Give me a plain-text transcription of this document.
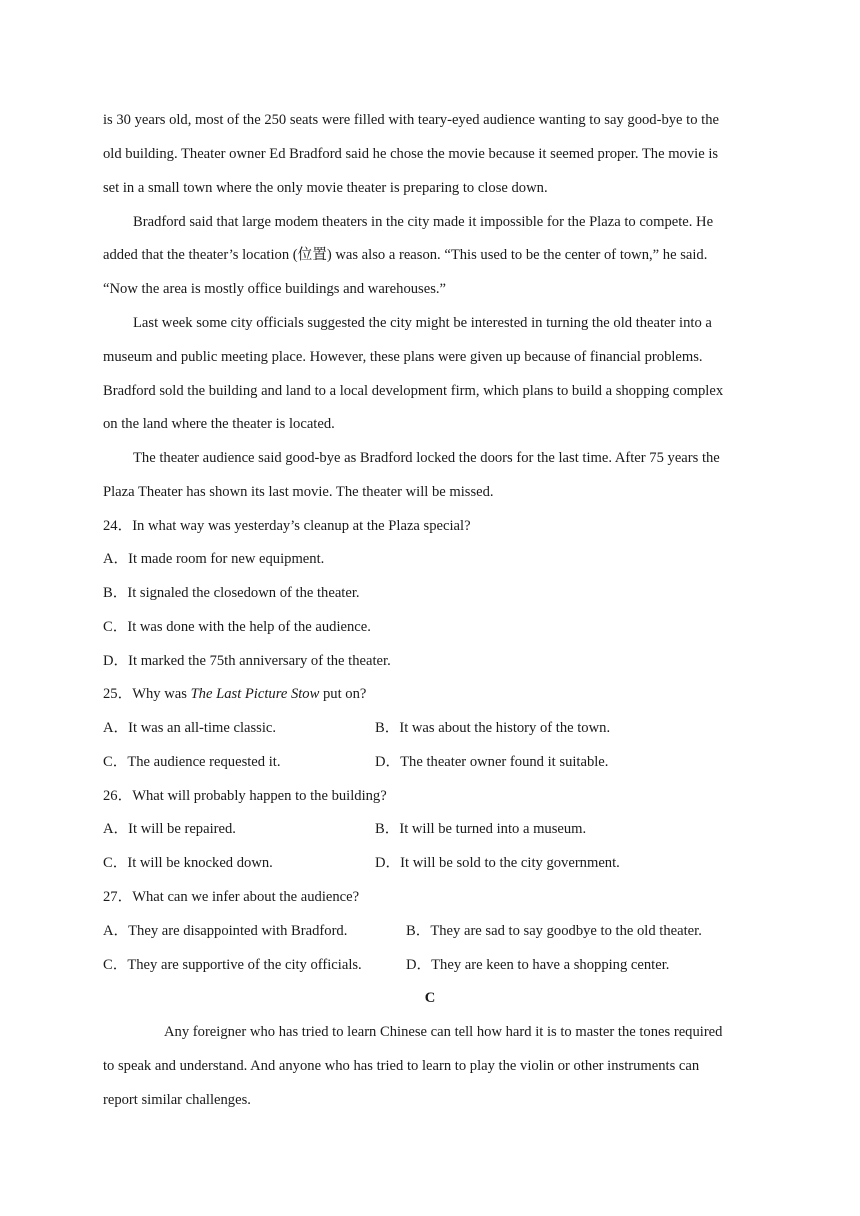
is 30 years old, most of the 250 seats were filled with teary-eyed audience wanting to say good-bye to the
old building. Theater owner Ed Bradford said he chose the movie because it seemed proper. The movie is
set in a small town where the only movie theater is preparing to close down.
Bradford said that large modem theaters in the city made it impossible for the Plaza to compete. He
added that the theater’s location (位置) was also a reason. “This used to be the center of town,” he said.
“Now the area is mostly office buildings and warehouses.”
Last week some city officials suggested the city might be interested in turning the old theater into a
museum and public meeting place. However, these plans were given up because of financial problems.
Bradford sold the building and land to a local development firm, which plans to build a shopping complex
on the land where the theater is located.
The theater audience said good-bye as Bradford locked the doors for the last time. After 75 years the
Plaza Theater has shown its last movie. The theater will be missed.
24．In what way was yesterday’s cleanup at the Plaza special?
A．It made room for new equipment.
B．It signaled the closedown of the theater.
C．It was done with the help of the audience.
D．It marked the 75th anniversary of the theater.
25．Why was The Last Picture Stow put on?
A．It was an all-time classic.	B．It was about the history of the town.
C．The audience requested it.	D．The theater owner found it suitable.
26．What will probably happen to the building?
A．It will be repaired.	B．It will be turned into a museum.
C．It will be knocked down.	D．It will be sold to the city government.
27．What can we infer about the audience?
A．They are disappointed with Bradford.	B．They are sad to say goodbye to the old theater.
C．They are supportive of the city officials.	D．They are keen to have a shopping center.
C
Any foreigner who has tried to learn Chinese can tell how hard it is to master the tones required
to speak and understand. And anyone who has tried to learn to play the violin or other instruments can
report similar challenges.
